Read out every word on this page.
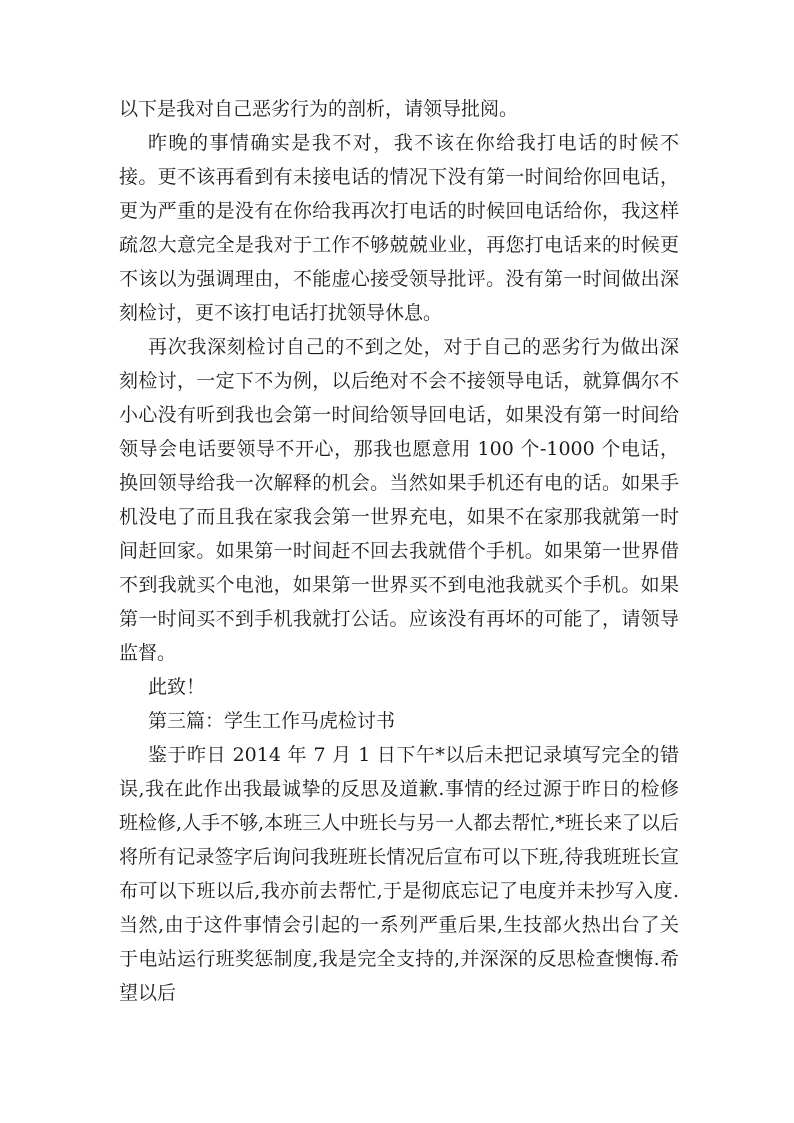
以下是我对自己恶劣行为的剖析，请领导批阅。

昨晚的事情确实是我不对，我不该在你给我打电话的时候不接。更不该再看到有未接电话的情况下没有第一时间给你回电话，更为严重的是没有在你给我再次打电话的时候回电话给你，我这样疏忽大意完全是我对于工作不够兢兢业业，再您打电话来的时候更不该以为强调理由，不能虚心接受领导批评。没有第一时间做出深刻检讨，更不该打电话打扰领导休息。

再次我深刻检讨自己的不到之处，对于自己的恶劣行为做出深刻检讨，一定下不为例，以后绝对不会不接领导电话，就算偶尔不小心没有听到我也会第一时间给领导回电话，如果没有第一时间给领导会电话要领导不开心，那我也愿意用 100 个-1000 个电话，换回领导给我一次解释的机会。当然如果手机还有电的话。如果手机没电了而且我在家我会第一世界充电，如果不在家那我就第一时间赶回家。如果第一时间赶不回去我就借个手机。如果第一世界借不到我就买个电池，如果第一世界买不到电池我就买个手机。如果第一时间买不到手机我就打公话。应该没有再坏的可能了，请领导监督。

此致！

第三篇：学生工作马虎检讨书

鉴于昨日 2014 年 7 月 1 日下午*以后未把记录填写完全的错误,我在此作出我最诚挚的反思及道歉.事情的经过源于昨日的检修班检修,人手不够,本班三人中班长与另一人都去帮忙,*班长来了以后将所有记录签字后询问我班班长情况后宣布可以下班,待我班班长宣布可以下班以后,我亦前去帮忙,于是彻底忘记了电度并未抄写入度.当然,由于这件事情会引起的一系列严重后果,生技部火热出台了关于电站运行班奖惩制度,我是完全支持的,并深深的反思检查懊悔.希望以后
